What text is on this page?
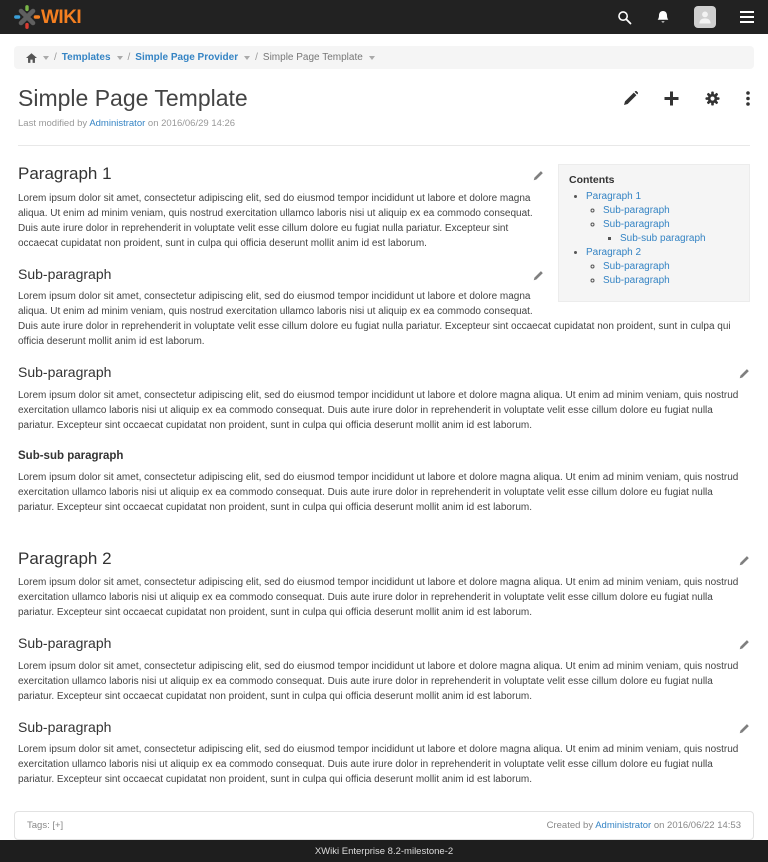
WIKI
/ Templates / Simple Page Provider / Simple Page Template
Simple Page Template
Last modified by Administrator on 2016/06/29 14:26
Contents
• Paragraph 1
◦ Sub-paragraph
◦ Sub-paragraph
▪ Sub-sub paragraph
• Paragraph 2
◦ Sub-paragraph
◦ Sub-paragraph
Paragraph 1

Lorem ipsum dolor sit amet, consectetur adipiscing elit, sed do eiusmod tempor incididunt ut labore et dolore magna aliqua. Ut enim ad minim veniam, quis nostrud exercitation ullamco laboris nisi ut aliquip ex ea commodo consequat. Duis aute irure dolor in reprehenderit in voluptate velit esse cillum dolore eu fugiat nulla pariatur. Excepteur sint occaecat cupidatat non proident, sunt in culpa qui officia deserunt mollit anim id est laborum.

Sub-paragraph

Lorem ipsum dolor sit amet, consectetur adipiscing elit, sed do eiusmod tempor incididunt ut labore et dolore magna aliqua. Ut enim ad minim veniam, quis nostrud exercitation ullamco laboris nisi ut aliquip ex ea commodo consequat. Duis aute irure dolor in reprehenderit in voluptate velit esse cillum dolore eu fugiat nulla pariatur. Excepteur sint occaecat cupidatat non proident, sunt in culpa qui officia deserunt mollit anim id est laborum.

Sub-paragraph

Lorem ipsum dolor sit amet, consectetur adipiscing elit, sed do eiusmod tempor incididunt ut labore et dolore magna aliqua. Ut enim ad minim veniam, quis nostrud exercitation ullamco laboris nisi ut aliquip ex ea commodo consequat. Duis aute irure dolor in reprehenderit in voluptate velit esse cillum dolore eu fugiat nulla pariatur. Excepteur sint occaecat cupidatat non proident, sunt in culpa qui officia deserunt mollit anim id est laborum.

Sub-sub paragraph

Lorem ipsum dolor sit amet, consectetur adipiscing elit, sed do eiusmod tempor incididunt ut labore et dolore magna aliqua. Ut enim ad minim veniam, quis nostrud exercitation ullamco laboris nisi ut aliquip ex ea commodo consequat. Duis aute irure dolor in reprehenderit in voluptate velit esse cillum dolore eu fugiat nulla pariatur. Excepteur sint occaecat cupidatat non proident, sunt in culpa qui officia deserunt mollit anim id est laborum.

Paragraph 2

Lorem ipsum dolor sit amet, consectetur adipiscing elit, sed do eiusmod tempor incididunt ut labore et dolore magna aliqua. Ut enim ad minim veniam, quis nostrud exercitation ullamco laboris nisi ut aliquip ex ea commodo consequat. Duis aute irure dolor in reprehenderit in voluptate velit esse cillum dolore eu fugiat nulla pariatur. Excepteur sint occaecat cupidatat non proident, sunt in culpa qui officia deserunt mollit anim id est laborum.

Sub-paragraph

Lorem ipsum dolor sit amet, consectetur adipiscing elit, sed do eiusmod tempor incididunt ut labore et dolore magna aliqua. Ut enim ad minim veniam, quis nostrud exercitation ullamco laboris nisi ut aliquip ex ea commodo consequat. Duis aute irure dolor in reprehenderit in voluptate velit esse cillum dolore eu fugiat nulla pariatur. Excepteur sint occaecat cupidatat non proident, sunt in culpa qui officia deserunt mollit anim id est laborum.

Sub-paragraph

Lorem ipsum dolor sit amet, consectetur adipiscing elit, sed do eiusmod tempor incididunt ut labore et dolore magna aliqua. Ut enim ad minim veniam, quis nostrud exercitation ullamco laboris nisi ut aliquip ex ea commodo consequat. Duis aute irure dolor in reprehenderit in voluptate velit esse cillum dolore eu fugiat nulla pariatur. Excepteur sint occaecat cupidatat non proident, sunt in culpa qui officia deserunt mollit anim id est laborum.

Tags:
[+]	Created by Administrator on 2016/06/22 14:53
XWiki Enterprise 8.2-milestone-2
